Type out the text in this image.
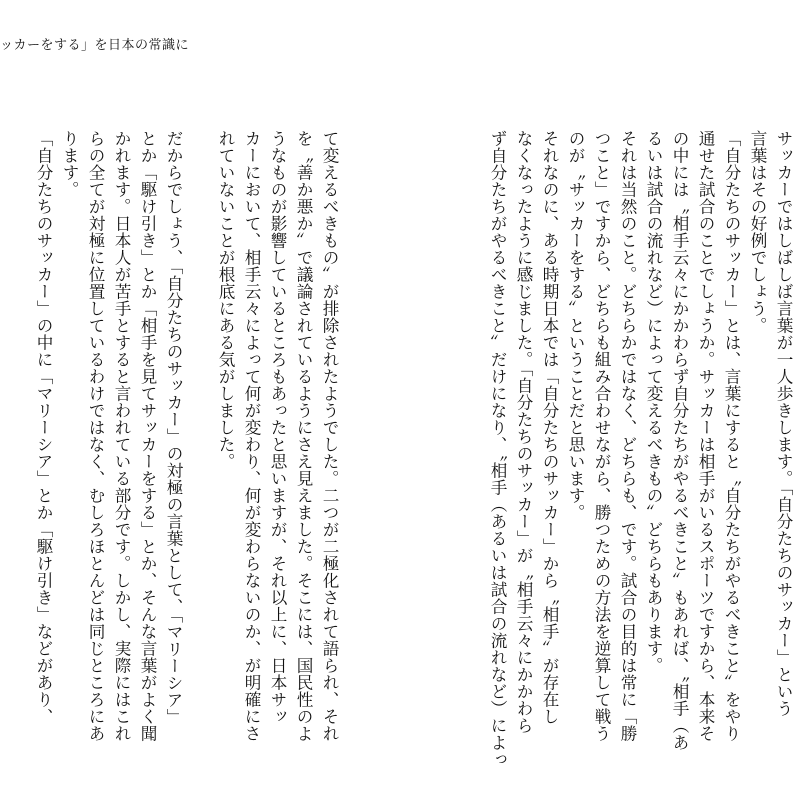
ッカーをする」を日本の常識に
サッカーではしばしば言葉が一人歩きします。「自分たちのサッカー」という
言葉はその好例でしょう。
「自分たちのサッカー」とは、言葉にすると〝自分たちがやるべきこと〟をやり
通せた試合のことでしょうか。サッカーは相手がいるスポーツですから、本来そ
の中には〝相手云々にかかわらず自分たちがやるべきこと〟もあれば、〝相手（あ
るいは試合の流れなど）によって変えるべきもの〟どちらもあります。
それは当然のこと。どちらかではなく、どちらも、です。試合の目的は常に「勝
つこと」ですから、どちらも組み合わせながら、勝つための方法を逆算して戦う
のが〝サッカーをする〟ということだと思います。
それなのに、ある時期日本では「自分たちのサッカー」から〝相手〟が存在し
なくなったように感じました。「自分たちのサッカー」が〝相手云々にかかわら
ず自分たちがやるべきこと〟だけになり、〝相手（あるいは試合の流れなど）によっ
て変えるべきもの〟が排除されたようでした。二つが二極化されて語られ、それ
を〝善か悪か〟で議論されているようにさえ見えました。そこには、国民性のよ
うなものが影響しているところもあったと思いますが、それ以上に、日本サッ
カーにおいて、相手云々によって何が変わり、何が変わらないのか、が明確にさ
れていないことが根底にある気がしました。
だからでしょう、「自分たちのサッカー」の対極の言葉として、「マリーシア」
とか「駆け引き」とか「相手を見てサッカーをする」とか、そんな言葉がよく聞
かれます。日本人が苦手とすると言われている部分です。しかし、実際にはこれ
らの全てが対極に位置しているわけではなく、むしろほとんどは同じところにあ
ります。
「自分たちのサッカー」の中に「マリーシア」とか「駆け引き」などがあり、
